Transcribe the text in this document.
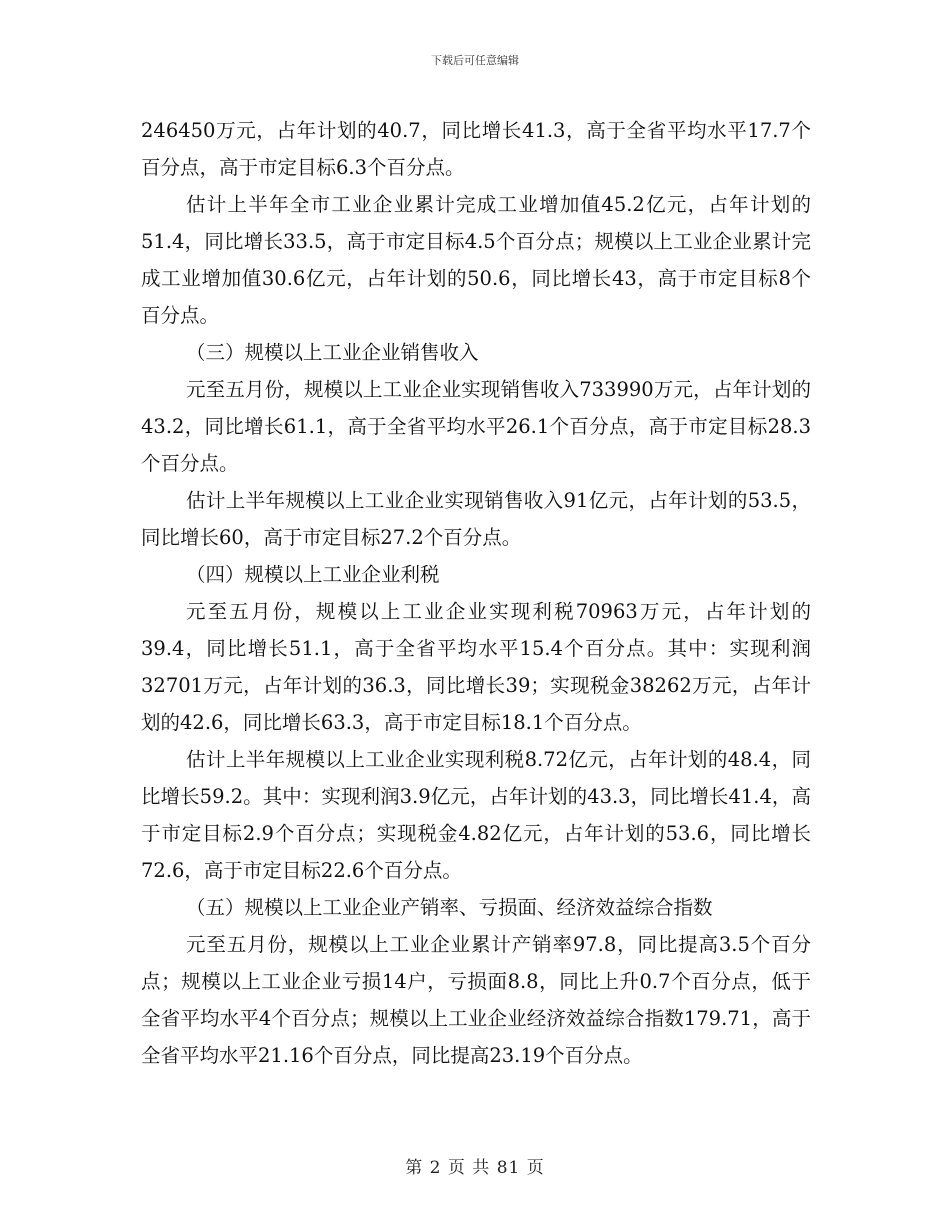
下载后可任意编辑

246450万元，占年计划的40.7，同比增长41.3，高于全省平均水平17.7个百分点，高于市定目标6.3个百分点。

估计上半年全市工业企业累计完成工业增加值45.2亿元，占年计划的51.4，同比增长33.5，高于市定目标4.5个百分点；规模以上工业企业累计完成工业增加值30.6亿元，占年计划的50.6，同比增长43，高于市定目标8个百分点。

（三）规模以上工业企业销售收入

元至五月份，规模以上工业企业实现销售收入733990万元，占年计划的43.2，同比增长61.1，高于全省平均水平26.1个百分点，高于市定目标28.3个百分点。

估计上半年规模以上工业企业实现销售收入91亿元，占年计划的53.5，同比增长60，高于市定目标27.2个百分点。

（四）规模以上工业企业利税

元至五月份，规模以上工业企业实现利税70963万元，占年计划的39.4，同比增长51.1，高于全省平均水平15.4个百分点。其中：实现利润32701万元，占年计划的36.3，同比增长39；实现税金38262万元，占年计划的42.6，同比增长63.3，高于市定目标18.1个百分点。

估计上半年规模以上工业企业实现利税8.72亿元，占年计划的48.4，同比增长59.2。其中：实现利润3.9亿元，占年计划的43.3，同比增长41.4，高于市定目标2.9个百分点；实现税金4.82亿元，占年计划的53.6，同比增长72.6，高于市定目标22.6个百分点。

（五）规模以上工业企业产销率、亏损面、经济效益综合指数

元至五月份，规模以上工业企业累计产销率97.8，同比提高3.5个百分点；规模以上工业企业亏损14户，亏损面8.8，同比上升0.7个百分点，低于全省平均水平4个百分点；规模以上工业企业经济效益综合指数179.71，高于全省平均水平21.16个百分点，同比提高23.19个百分点。

第 2 页 共 81 页
